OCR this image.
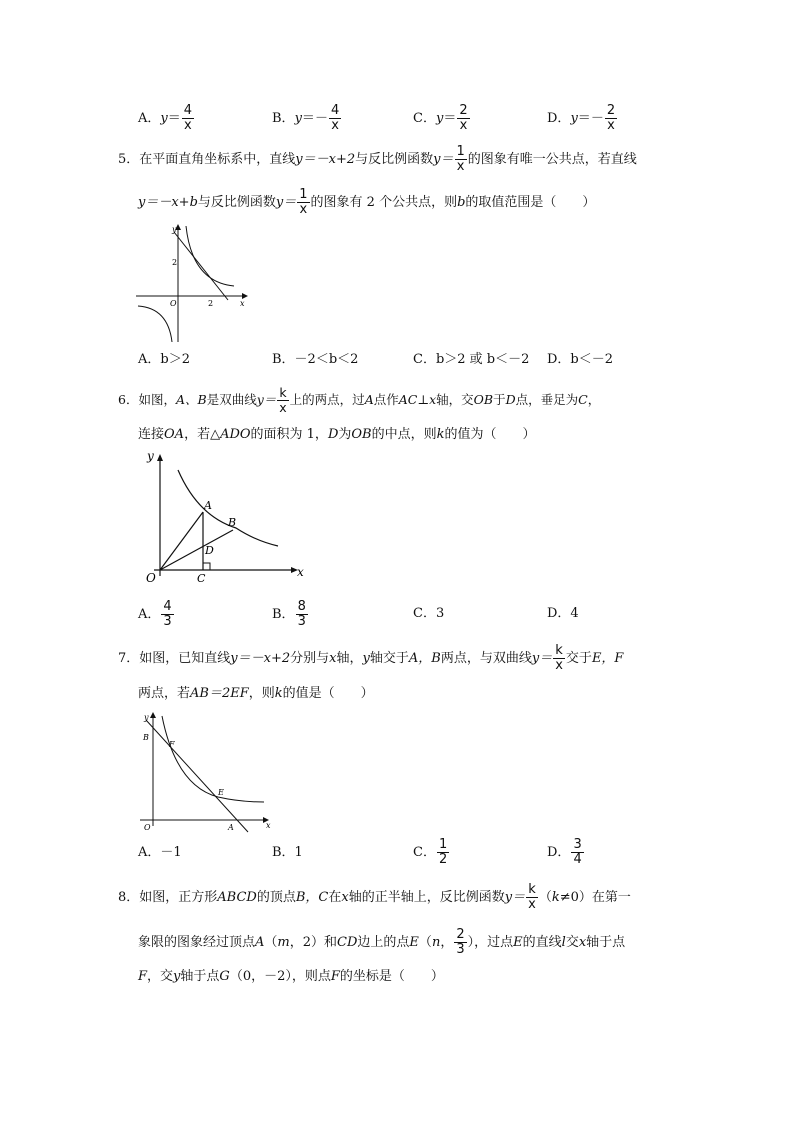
A．$y= \frac{4}{x}$	B．$y=- \frac{4}{x}$	C．$y= \frac{2}{x}$	D．$y=- \frac{2}{x}$
5．在平面直角坐标系中，直线y＝－x+2与反比例函数$y= \frac{1}{x}$ 的图象有唯一公共点，若直线
y＝－x+b与反比例函数$y= \frac{1}{x}$ 的图象有 2 个公共点，则b的取值范围是（　　）
y
x
O
2
2
A．b＞2	B．－2＜b＜2	C．b＞2 或 b＜－2 D．b＜－2
6．如图，A、B是双曲线$y= \frac{k}{x}$ 上的两点，过A点作AC⊥x轴，交OB于D点，垂足为C，
连接OA，若△ADO的面积为 1，D为OB的中点，则k的值为（　　）
y
x
O
A
B
C
D
A． $\frac{4}{3}$	B． $\frac{8}{3}$	C．3	D．4
7．如图，已知直线y＝－x+2分别与x轴，y轴交于A，B两点，与双曲线$y= \frac{k}{x}$ 交于E，F
两点，若AB＝2EF，则k的值是（　　）
y
x
O	A
B
E
F
A．－1	B．1	C． $\frac{1}{2}$	D． $\frac{3}{4}$
8．如图，正方形ABCD的顶点B，C在x轴的正半轴上，反比例函数$y= \frac{k}{x} (k\ne 0)$在第一
象限的图象经过顶点A（m，2）和CD边上的点E（n， $\frac{2}{3}$ ），过点E的直线l交x轴于点
F，交y轴于点G（0，－2），则点F的坐标是（　　）
